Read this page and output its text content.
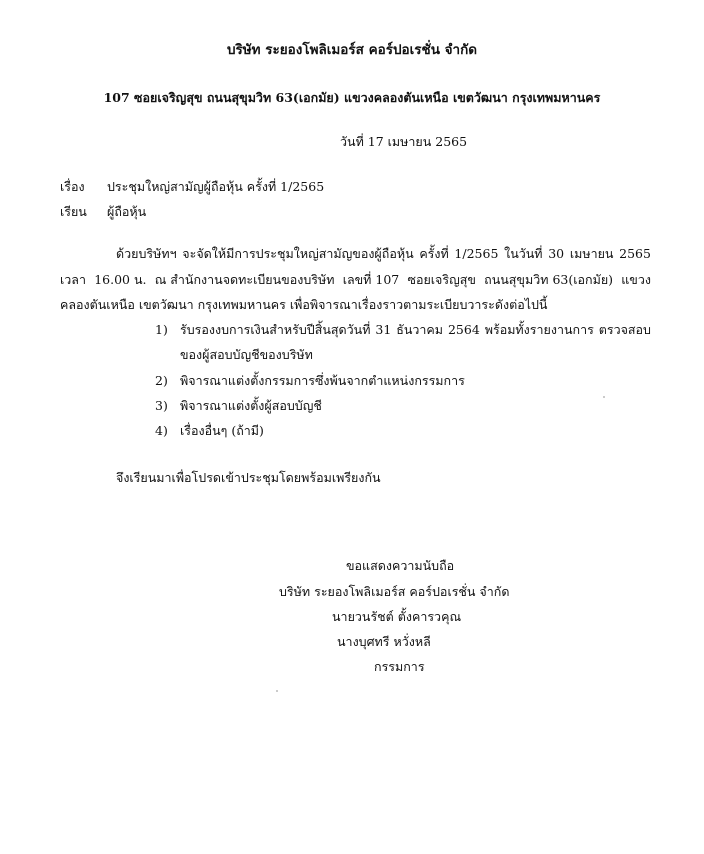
บริษัท ระยองโพลิเมอร์ส คอร์ปอเรชั่น จำกัด
107 ซอยเจริญสุข ถนนสุขุมวิท 63(เอกมัย) แขวงคลองตันเหนือ เขตวัฒนา กรุงเทพมหานคร
วันที่ 17 เมษายน 2565
เรื่อง ประชุมใหญ่สามัญผู้ถือหุ้น ครั้งที่ 1/2565
เรียน ผู้ถือหุ้น
ด้วยบริษัทฯ จะจัดให้มีการประชุมใหญ่สามัญของผู้ถือหุ้น ครั้งที่ 1/2565 ในวันที่ 30 เมษายน 2565
เวลา 16.00 น. ณ สำนักงานจดทะเบียนของบริษัท เลขที่ 107 ซอยเจริญสุข ถนนสุขุมวิท 63(เอกมัย) แขวง
คลองตันเหนือ เขตวัฒนา กรุงเทพมหานคร เพื่อพิจารณาเรื่องราวตามระเบียบวาระดังต่อไปนี้
1) รับรองงบการเงินสำหรับปีสิ้นสุดวันที่ 31 ธันวาคม 2564 พร้อมทั้งรายงานการ ตรวจสอบ
ของผู้สอบบัญชีของบริษัท
2) พิจารณาแต่งตั้งกรรมการซึ่งพ้นจากตำแหน่งกรรมการ
3) พิจารณาแต่งตั้งผู้สอบบัญชี
4) เรื่องอื่นๆ (ถ้ามี)
จึงเรียนมาเพื่อโปรดเข้าประชุมโดยพร้อมเพรียงกัน
ขอแสดงความนับถือ
บริษัท ระยองโพลิเมอร์ส คอร์ปอเรชั่น จำกัด
นายวนรัชต์ ตั้งคารวคุณ
นางบุศทรี หวั่งหลี
กรรมการ
